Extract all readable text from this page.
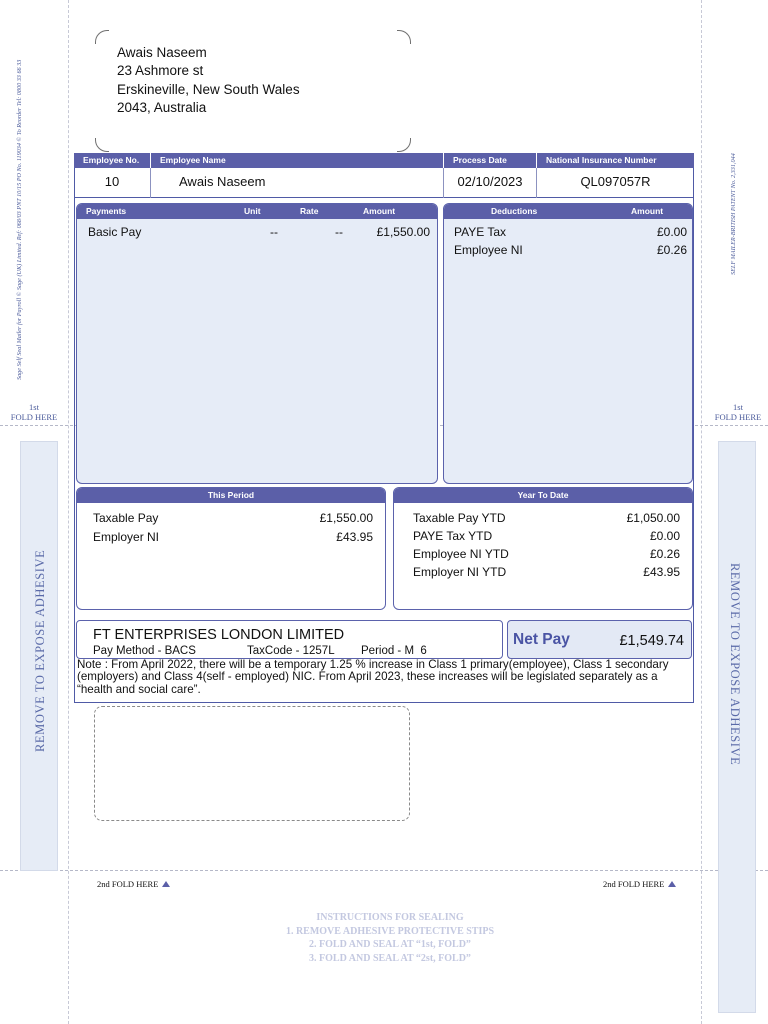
Sage Self Seal Mailer for Payroll © Sage (UK) Limited. Ref: 068/03 PNT 10/15 PO No. 119034 © To Reorder Tel: 0800 33 66 33	SELF MAILER-BRITISH PATENT No. 2,331,044
1st
FOLD HERE
1st
FOLD HERE
REMOVE TO EXPOSE ADHESIVE	REMOVE TO EXPOSE ADHESIVE
Awais Naseem
23 Ashmore st
Erskineville, New South Wales
2043, Australia
Employee No.	Employee Name	Process Date	National Insurance Number
10	Awais Naseem	02/10/2023	QL097057R
Payments	Unit	Rate	Amount
Basic Pay	--	--	£1,550.00
Deductions	Amount
PAYE Tax	£0.00
Employee NI	£0.26
This Period
Taxable Pay	£1,550.00
Employer NI	£43.95
Year To Date
Taxable Pay YTD	£1,050.00
PAYE Tax YTD	£0.00
Employee NI YTD	£0.26
Employer NI YTD	£43.95
FT ENTERPRISES LONDON LIMITED
Pay Method - BACS	TaxCode - 1257L Period - M  6
Net Pay	£1,549.74
Note : From April 2022, there will be a temporary 1.25 % increase in Class 1 primary(employee), Class 1 secondary (employers) and Class 4(self - employed) NIC. From April 2023, these increases will be legislated separately as a “health and social care”.
2nd FOLD HERE	2nd FOLD HERE
INSTRUCTIONS FOR SEALING
1. REMOVE ADHESIVE PROTECTIVE STIPS
2. FOLD AND SEAL AT “1st, FOLD”
3. FOLD AND SEAL AT “2st, FOLD”
